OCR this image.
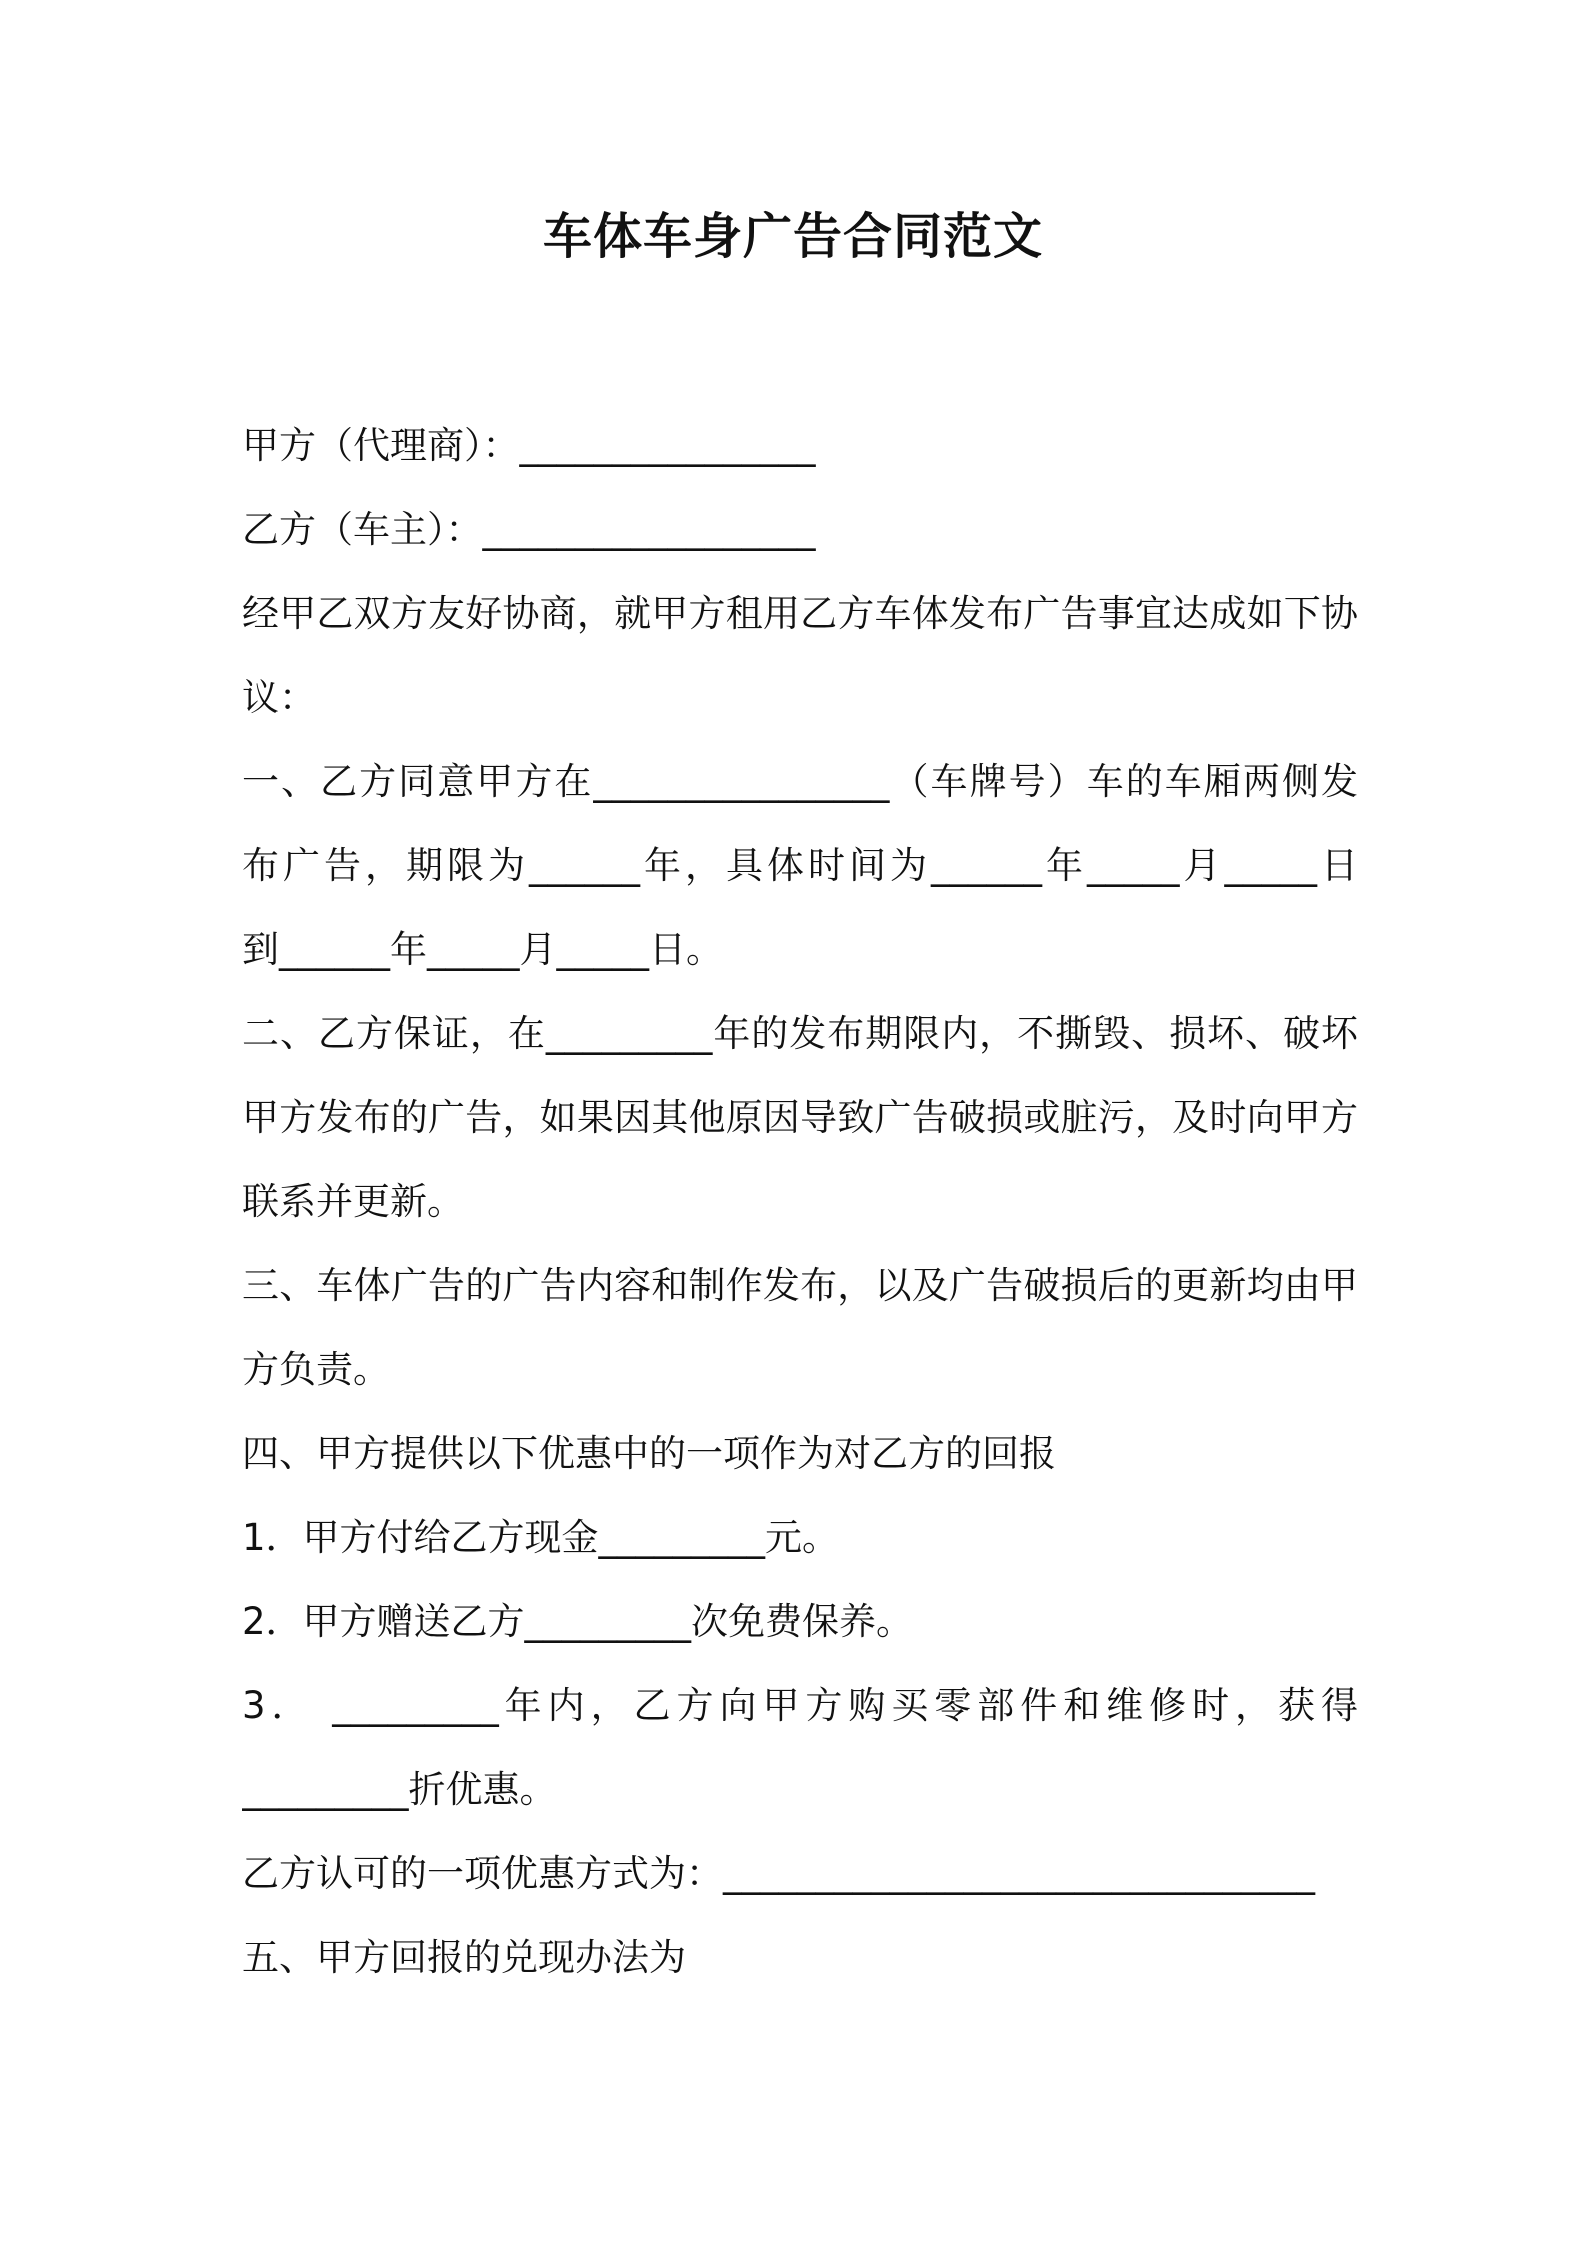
车体车身广告合同范文
甲方（代理商）：________________
乙方（车主）：__________________
经甲乙双方友好协商，就甲方租用乙方车体发布广告事宜达成如下协
议：
一、乙方同意甲方在________________（车牌号）车的车厢两侧发
布广告，期限为______年，具体时间为______年_____月_____日
到______年_____月_____日。
二、乙方保证，在_________年的发布期限内，不撕毁、损坏、破坏
甲方发布的广告，如果因其他原因导致广告破损或脏污，及时向甲方
联系并更新。
三、车体广告的广告内容和制作发布，以及广告破损后的更新均由甲
方负责。
四、甲方提供以下优惠中的一项作为对乙方的回报
1．甲方付给乙方现金_________元。
2．甲方赠送乙方_________次免费保养。
3． _________年内，乙方向甲方购买零部件和维修时，获得
_________折优惠。
乙方认可的一项优惠方式为：________________________________
五、甲方回报的兑现办法为
